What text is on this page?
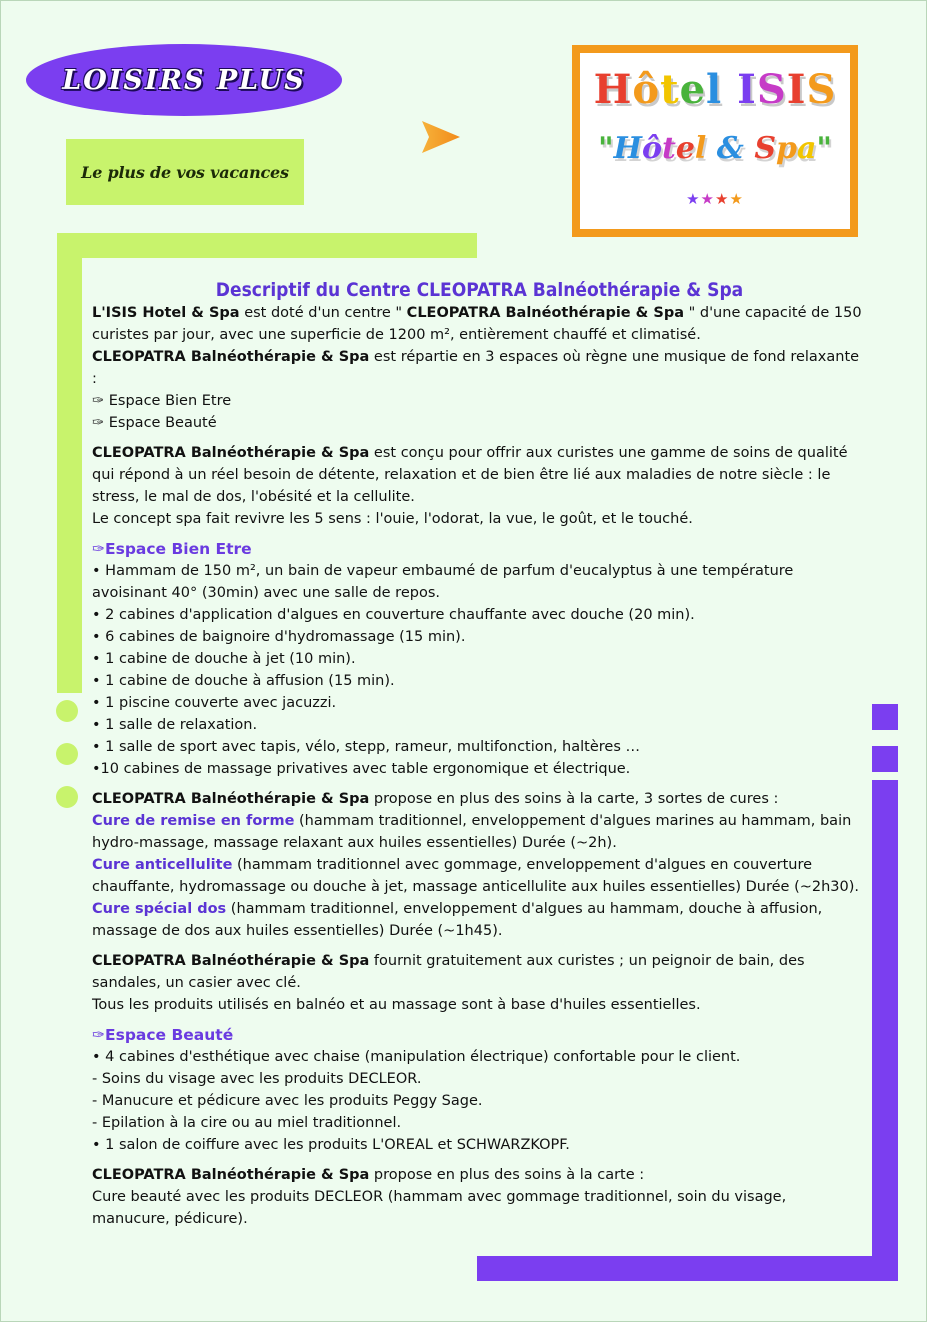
LOISIRS PLUS
Le plus de vos vacances
Hôtel ISIS
"Hôtel & Spa"
★★★★
Descriptif du Centre CLEOPATRA Balnéothérapie & Spa

L'ISIS Hotel & Spa est doté d'un centre " CLEOPATRA Balnéothérapie & Spa " d'une capacité de 150 curistes par jour, avec une superficie de 1200 m², entièrement chauffé et climatisé.

CLEOPATRA Balnéothérapie & Spa est répartie en 3 espaces où règne une musique de fond relaxante :

✑ Espace Bien Etre

✑ Espace Beauté

CLEOPATRA Balnéothérapie & Spa est conçu pour offrir aux curistes une gamme de soins de qualité qui répond à un réel besoin de détente, relaxation et de bien être lié aux maladies de notre siècle : le stress, le mal de dos, l'obésité et la cellulite.

Le concept spa fait revivre les 5 sens : l'ouie, l'odorat, la vue, le goût, et le touché.

✑Espace Bien Etre

• Hammam de 150 m², un bain de vapeur embaumé de parfum d'eucalyptus à une température avoisinant 40° (30min) avec une salle de repos.

• 2 cabines d'application d'algues en couverture chauffante avec douche (20 min).

• 6 cabines de baignoire d'hydromassage (15 min).

• 1 cabine de douche à jet (10 min).

• 1 cabine de douche à affusion (15 min).

• 1 piscine couverte avec jacuzzi.

• 1 salle de relaxation.

• 1 salle de sport avec tapis, vélo, stepp, rameur, multifonction, haltères …

•10 cabines de massage privatives avec table ergonomique et électrique.

CLEOPATRA Balnéothérapie & Spa propose en plus des soins à la carte, 3 sortes de cures :

Cure de remise en forme (hammam traditionnel, enveloppement d'algues marines au hammam, bain hydro-massage, massage relaxant aux huiles essentielles) Durée (~2h).

Cure anticellulite (hammam traditionnel avec gommage, enveloppement d'algues en couverture chauffante, hydromassage ou douche à jet, massage anticellulite aux huiles essentielles) Durée (~2h30).

Cure spécial dos (hammam traditionnel, enveloppement d'algues au hammam, douche à affusion, massage de dos aux huiles essentielles) Durée (~1h45).

CLEOPATRA Balnéothérapie & Spa fournit gratuitement aux curistes ; un peignoir de bain, des sandales, un casier avec clé.

Tous les produits utilisés en balnéo et au massage sont à base d'huiles essentielles.

✑Espace Beauté

• 4 cabines d'esthétique avec chaise (manipulation électrique) confortable pour le client.

- Soins du visage avec les produits DECLEOR.

- Manucure et pédicure avec les produits Peggy Sage.

- Epilation à la cire ou au miel traditionnel.

• 1 salon de coiffure avec les produits L'OREAL et SCHWARZKOPF.

CLEOPATRA Balnéothérapie & Spa propose en plus des soins à la carte :

Cure beauté avec les produits DECLEOR (hammam avec gommage traditionnel, soin du visage, manucure, pédicure).
